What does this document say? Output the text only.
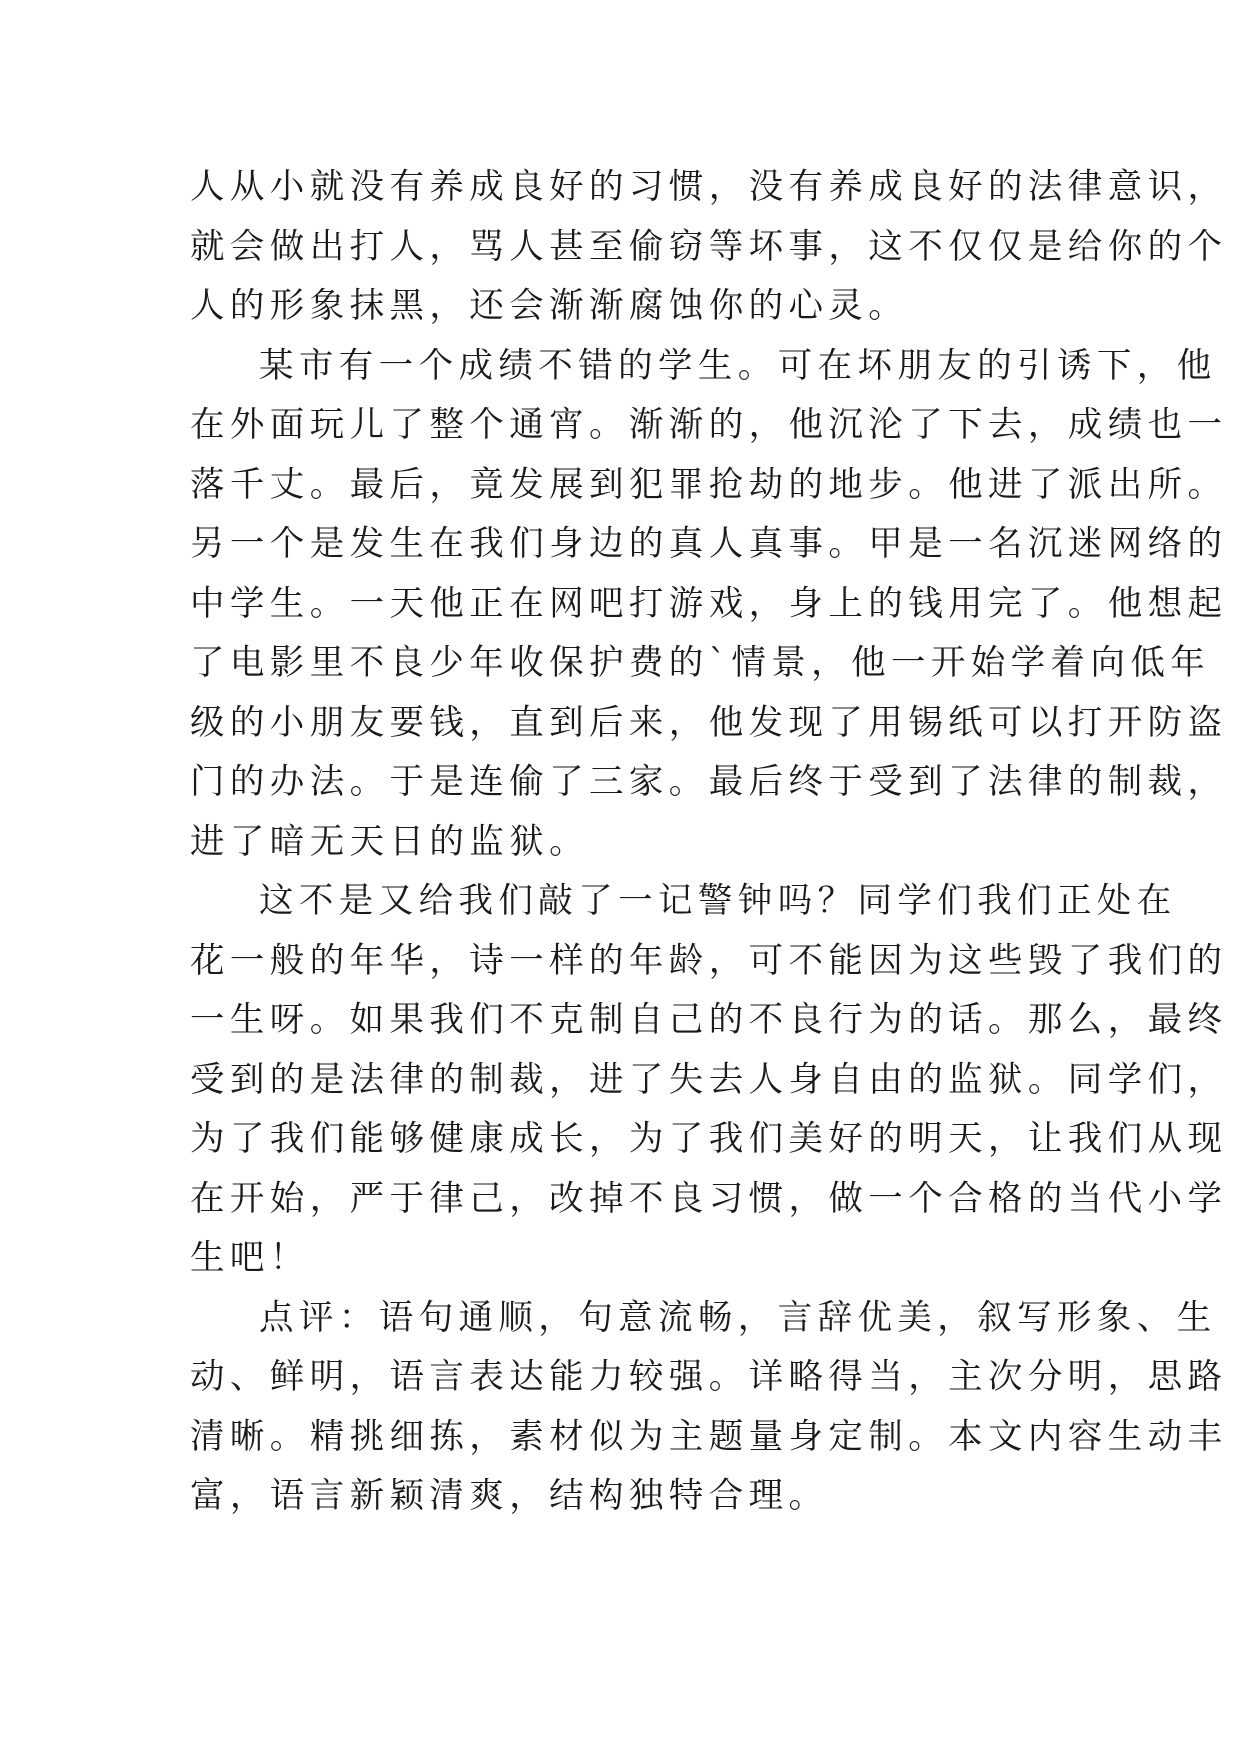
人从小就没有养成良好的习惯，没有养成良好的法律意识，
就会做出打人，骂人甚至偷窃等坏事，这不仅仅是给你的个
人的形象抹黑，还会渐渐腐蚀你的心灵。
某市有一个成绩不错的学生。可在坏朋友的引诱下，他
在外面玩儿了整个通宵。渐渐的，他沉沦了下去，成绩也一
落千丈。最后，竟发展到犯罪抢劫的地步。他进了派出所。
另一个是发生在我们身边的真人真事。甲是一名沉迷网络的
中学生。一天他正在网吧打游戏，身上的钱用完了。他想起
了电影里不良少年收保护费的`情景，他一开始学着向低年
级的小朋友要钱，直到后来，他发现了用锡纸可以打开防盗
门的办法。于是连偷了三家。最后终于受到了法律的制裁，
进了暗无天日的监狱。
这不是又给我们敲了一记警钟吗？同学们我们正处在
花一般的年华，诗一样的年龄，可不能因为这些毁了我们的
一生呀。如果我们不克制自己的不良行为的话。那么，最终
受到的是法律的制裁，进了失去人身自由的监狱。同学们，
为了我们能够健康成长，为了我们美好的明天，让我们从现
在开始，严于律己，改掉不良习惯，做一个合格的当代小学
生吧！
点评：语句通顺，句意流畅，言辞优美，叙写形象、生
动、鲜明，语言表达能力较强。详略得当，主次分明，思路
清晰。精挑细拣，素材似为主题量身定制。本文内容生动丰
富，语言新颖清爽，结构独特合理。
